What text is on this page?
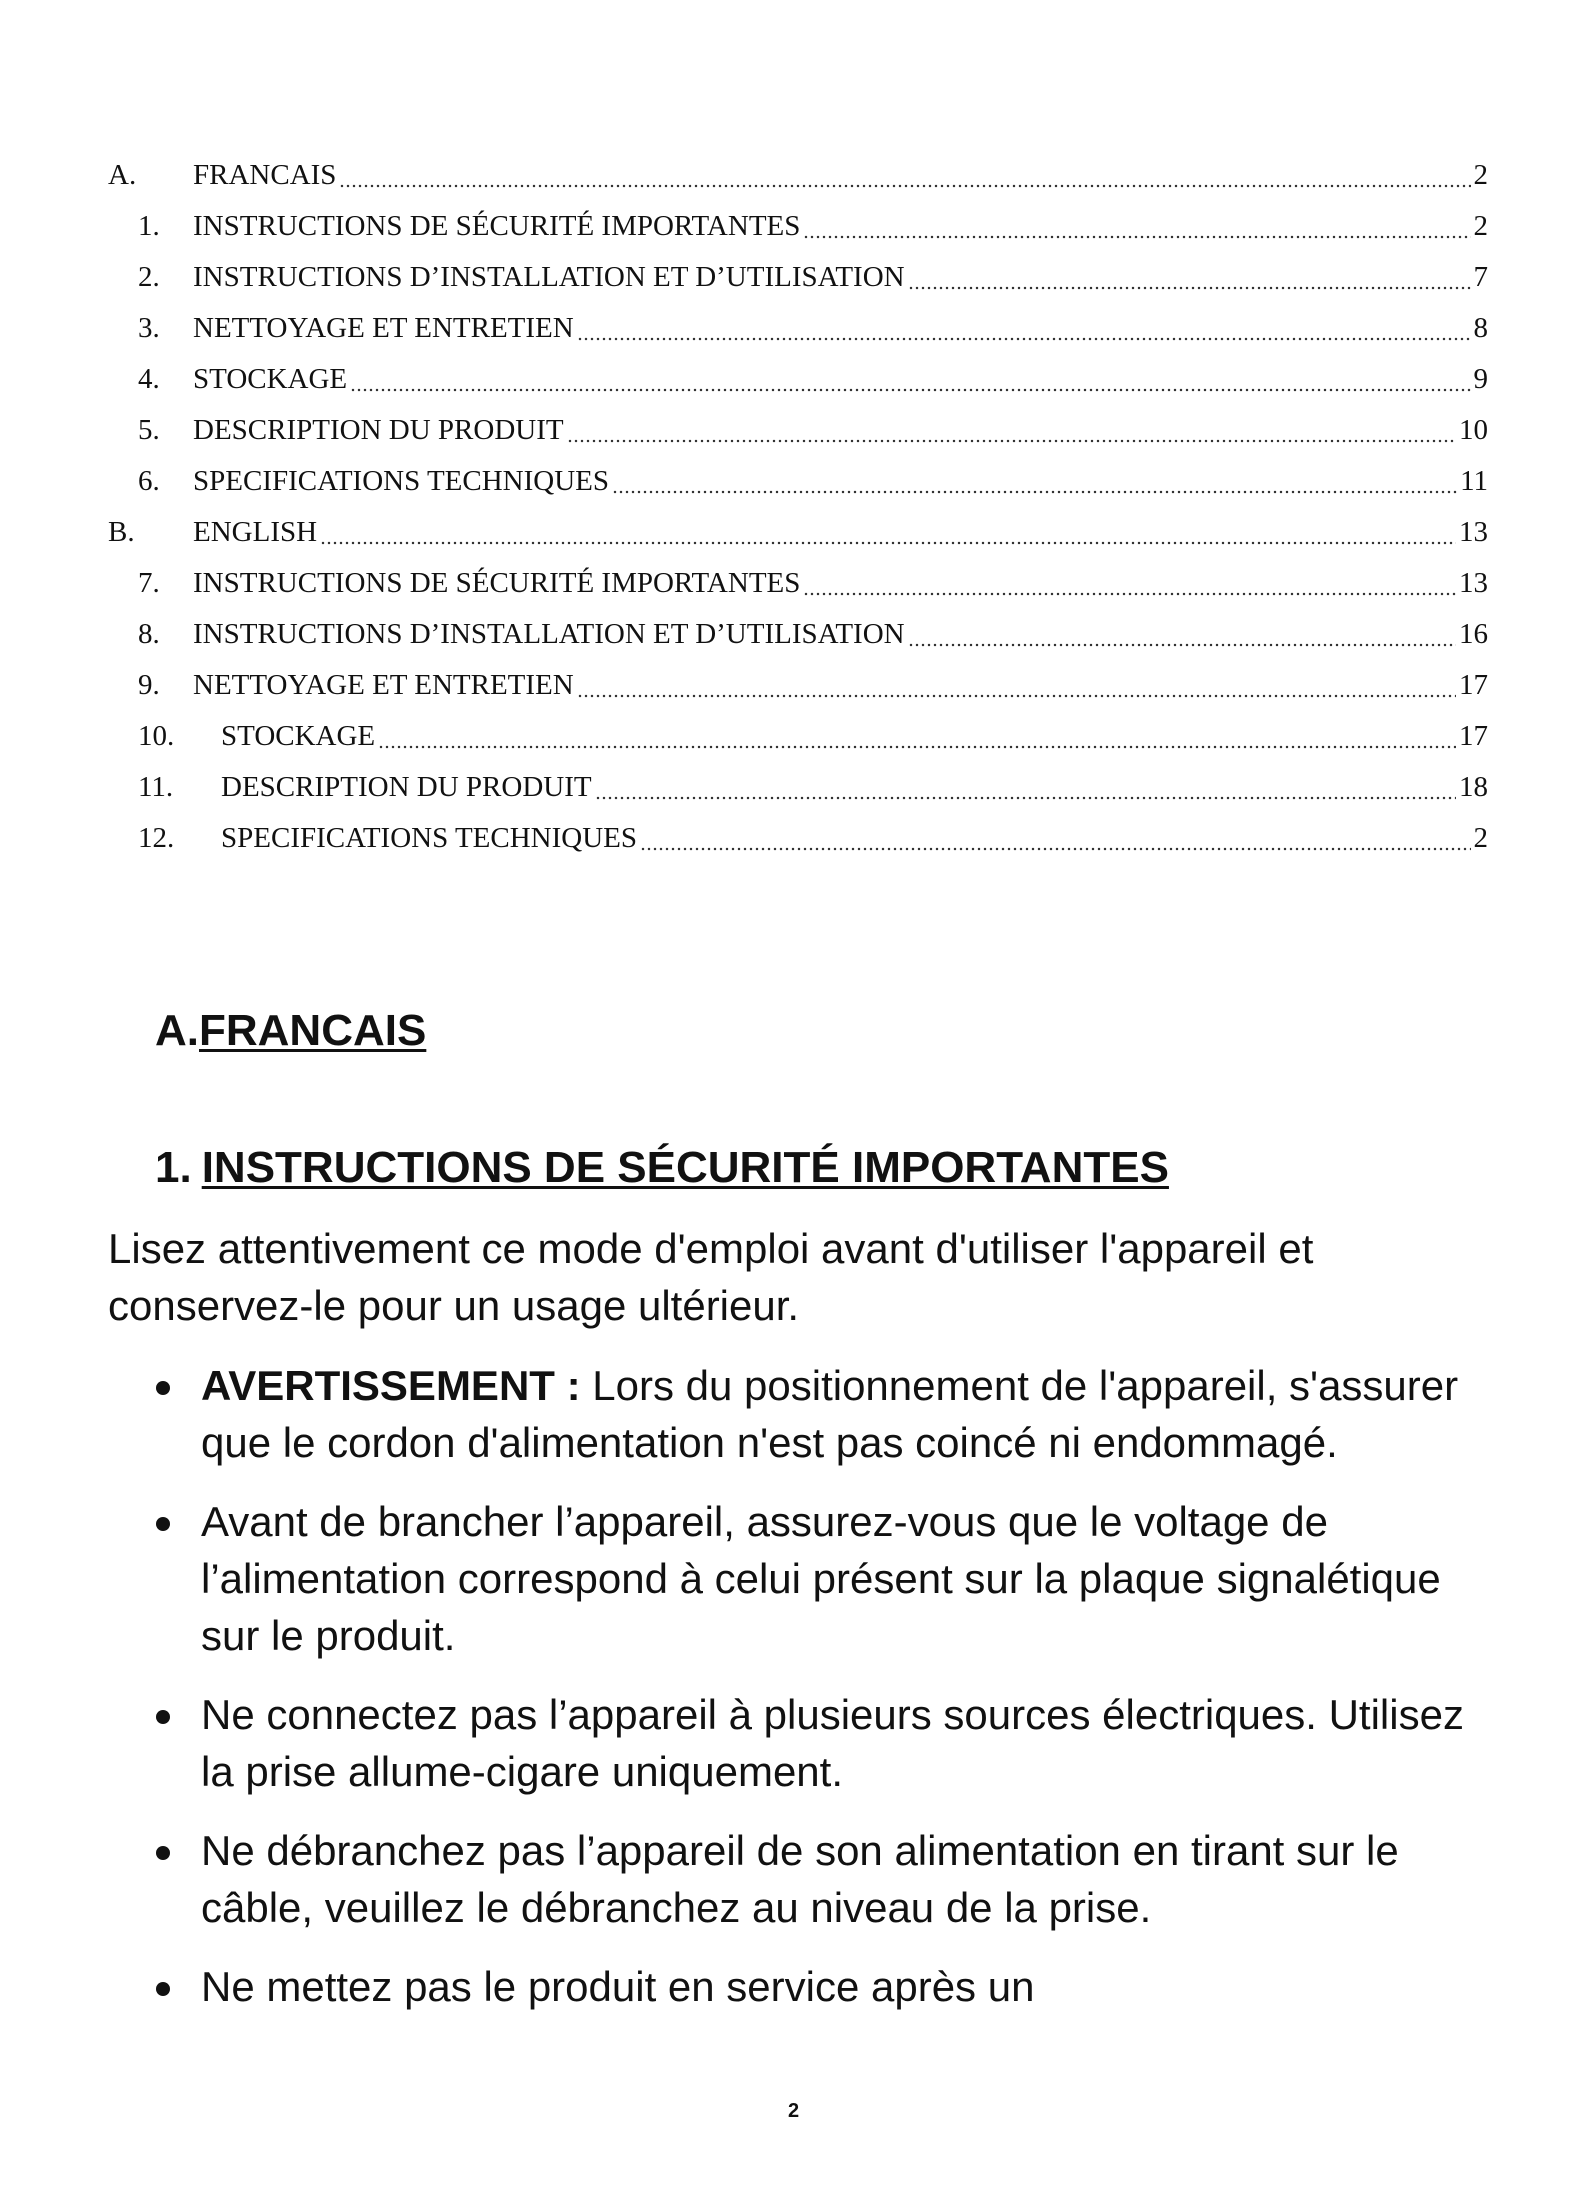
A.	FRANCAIS	2
1.	INSTRUCTIONS DE SÉCURITÉ IMPORTANTES	2
2.	INSTRUCTIONS D’INSTALLATION ET D’UTILISATION	7
3.	NETTOYAGE ET ENTRETIEN	8
4.	STOCKAGE	9
5.	DESCRIPTION DU PRODUIT	10
6.	SPECIFICATIONS TECHNIQUES	11
B.	ENGLISH	13
7.	INSTRUCTIONS DE SÉCURITÉ IMPORTANTES	13
8.	INSTRUCTIONS D’INSTALLATION ET D’UTILISATION	16
9.	NETTOYAGE ET ENTRETIEN	17
10.	STOCKAGE	17
11.	DESCRIPTION DU PRODUIT	18
12.	SPECIFICATIONS TECHNIQUES	2
A.FRANCAIS
1. INSTRUCTIONS DE SÉCURITÉ IMPORTANTES
Lisez attentivement ce mode d'emploi avant d'utiliser l'appareil et conservez-le pour un usage ultérieur.
AVERTISSEMENT : Lors du positionnement de l'appareil, s'assurer que le cordon d'alimentation n'est pas coincé ni endommagé.
Avant de brancher l’appareil, assurez-vous que le voltage de l’alimentation correspond à celui présent sur la plaque signalétique sur le produit.
Ne connectez pas l’appareil à plusieurs sources électriques. Utilisez la prise allume-cigare uniquement.
Ne débranchez pas l’appareil de son alimentation en tirant sur le câble, veuillez le débranchez au niveau de la prise.
Ne mettez pas le produit en service après un
2
